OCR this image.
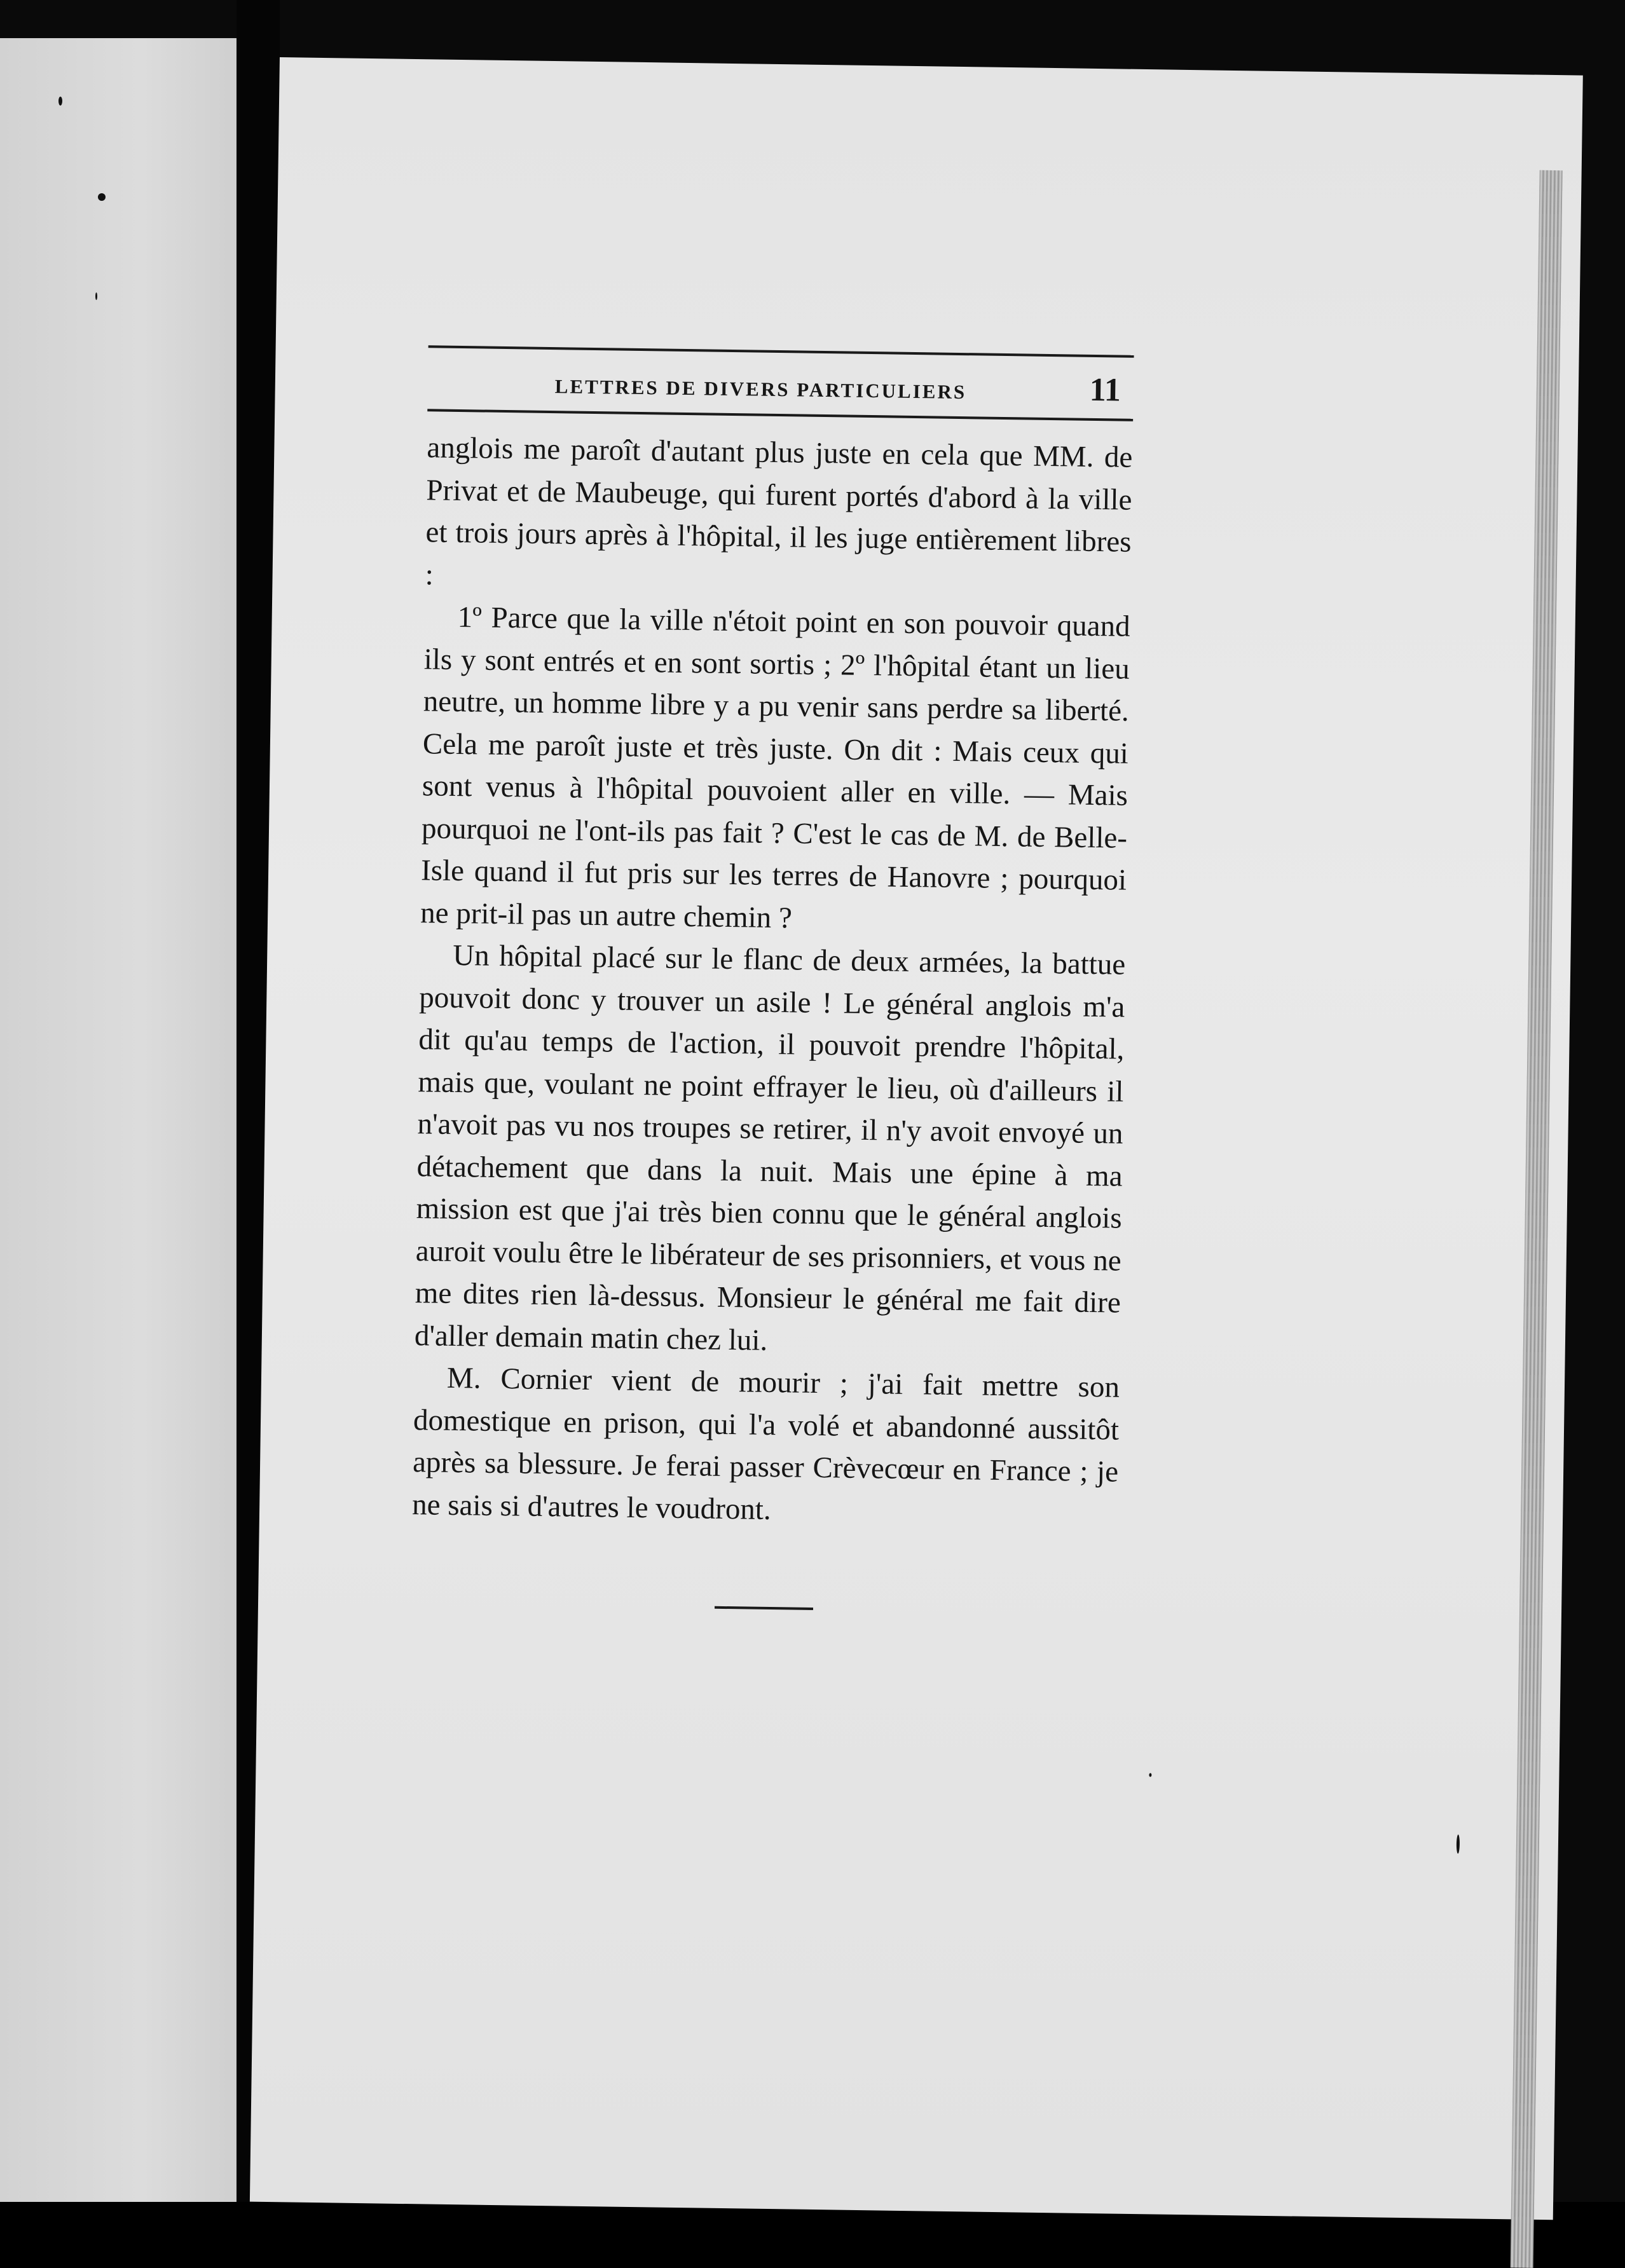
LETTRES DE DIVERS PARTICULIERS	11

anglois me paroît d'autant plus juste en cela que MM. de Privat et de Maubeuge, qui furent portés d'abord à la ville et trois jours après à l'hôpital, il les juge entièrement libres :

1º Parce que la ville n'étoit point en son pouvoir quand ils y sont entrés et en sont sortis ; 2º l'hôpital étant un lieu neutre, un homme libre y a pu venir sans perdre sa liberté. Cela me paroît juste et très juste. On dit : Mais ceux qui sont venus à l'hôpital pouvoient aller en ville. — Mais pourquoi ne l'ont-ils pas fait ? C'est le cas de M. de Belle-Isle quand il fut pris sur les terres de Hanovre ; pourquoi ne prit-il pas un autre chemin ?

Un hôpital placé sur le flanc de deux armées, la battue pouvoit donc y trouver un asile ! Le général anglois m'a dit qu'au temps de l'action, il pouvoit prendre l'hôpital, mais que, voulant ne point effrayer le lieu, où d'ailleurs il n'avoit pas vu nos troupes se retirer, il n'y avoit envoyé un détachement que dans la nuit. Mais une épine à ma mission est que j'ai très bien connu que le général anglois auroit voulu être le libérateur de ses prisonniers, et vous ne me dites rien là-dessus. Monsieur le général me fait dire d'aller demain matin chez lui.

M. Cornier vient de mourir ; j'ai fait mettre son domestique en prison, qui l'a volé et abandonné aussitôt après sa blessure. Je ferai passer Crèvecœur en France ; je ne sais si d'autres le voudront.
